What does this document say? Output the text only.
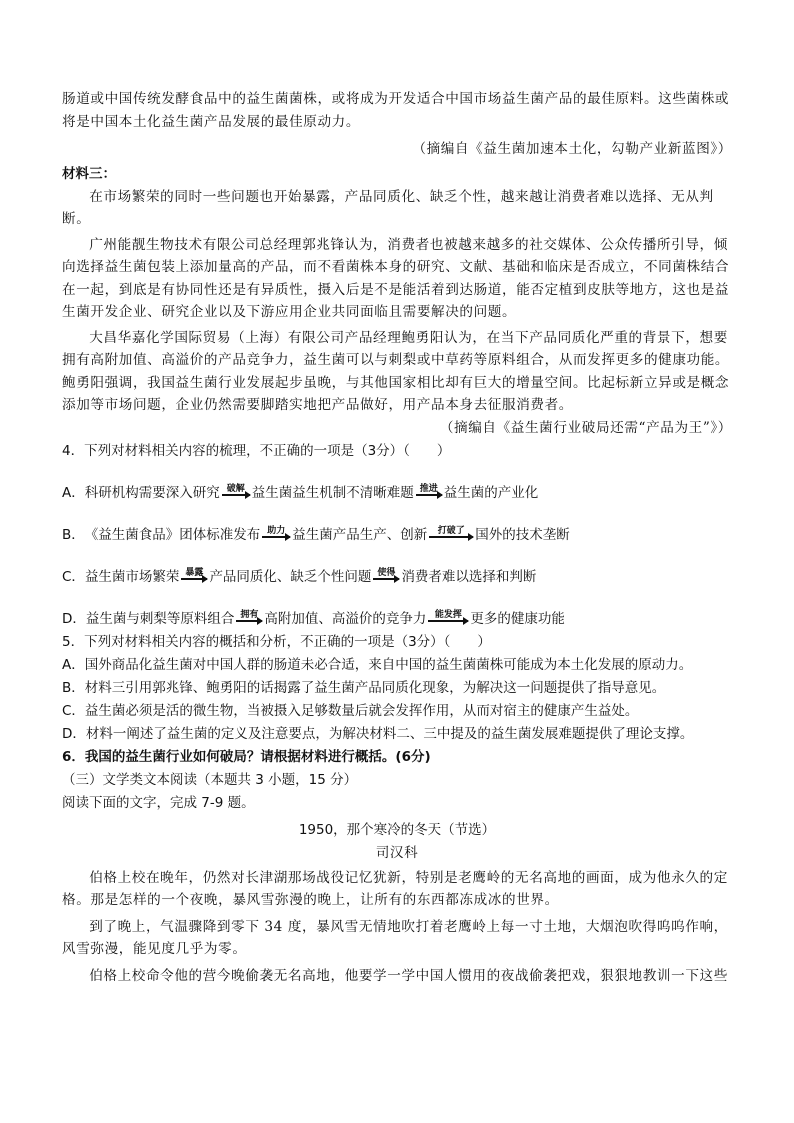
肠道或中国传统发酵食品中的益生菌菌株，或将成为开发适合中国市场益生菌产品的最佳原料。这些菌株或

将是中国本土化益生菌产品发展的最佳原动力。

（摘编自《益生菌加速本土化，勾勒产业新蓝图》）

材料三：

在市场繁荣的同时一些问题也开始暴露，产品同质化、缺乏个性，越来越让消费者难以选择、无从判断。

广州能靓生物技术有限公司总经理郭兆锋认为，消费者也被越来越多的社交媒体、公众传播所引导，倾向选择益生菌包装上添加量高的产品，而不看菌株本身的研究、文献、基础和临床是否成立，不同菌株结合在一起，到底是有协同性还是有异质性，摄入后是不是能活着到达肠道，能否定植到皮肤等地方，这也是益生菌开发企业、研究企业以及下游应用企业共同面临且需要解决的问题。

大昌华嘉化学国际贸易（上海）有限公司产品经理鲍勇阳认为，在当下产品同质化严重的背景下，想要拥有高附加值、高溢价的产品竞争力，益生菌可以与刺梨或中草药等原料组合，从而发挥更多的健康功能。鲍勇阳强调，我国益生菌行业发展起步虽晚，与其他国家相比却有巨大的增量空间。比起标新立异或是概念添加等市场问题，企业仍然需要脚踏实地把产品做好，用产品本身去征服消费者。

（摘编自《益生菌行业破局还需“产品为王”》）

4．下列对材料相关内容的梳理，不正确的一项是（3分）（　　）

A． 科研机构需要深入研究 破解 益生菌益生机制不清晰难题 推进 益生菌的产业化
B． 《益生菌食品》团体标准发布 助力 益生菌产品生产、创新 打破了 国外的技术垄断
C． 益生菌市场繁荣 暴露 产品同质化、缺乏个性问题 使得 消费者难以选择和判断
D． 益生菌与刺梨等原料组合 拥有 高附加值、高溢价的竞争力 能发挥 更多的健康功能

5．下列对材料相关内容的概括和分析，不正确的一项是（3分）（　　）

A．国外商品化益生菌对中国人群的肠道未必合适，来自中国的益生菌菌株可能成为本土化发展的原动力。

B．材料三引用郭兆锋、鲍勇阳的话揭露了益生菌产品同质化现象，为解决这一问题提供了指导意见。

C．益生菌必须是活的微生物，当被摄入足够数量后就会发挥作用，从而对宿主的健康产生益处。

D．材料一阐述了益生菌的定义及注意要点，为解决材料二、三中提及的益生菌发展难题提供了理论支撑。

6．我国的益生菌行业如何破局？请根据材料进行概括。(6分)

（三）文学类文本阅读（本题共 3 小题，15 分）

阅读下面的文字，完成 7-9 题。

1950，那个寒冷的冬天（节选）

司汉科

伯格上校在晚年，仍然对长津湖那场战役记忆犹新，特别是老鹰岭的无名高地的画面，成为他永久的定格。那是怎样的一个夜晚，暴风雪弥漫的晚上，让所有的东西都冻成冰的世界。

到了晚上，气温骤降到零下 34 度，暴风雪无情地吹打着老鹰岭上每一寸土地，大烟泡吹得呜呜作响，风雪弥漫，能见度几乎为零。

伯格上校命令他的营今晚偷袭无名高地，他要学一学中国人惯用的夜战偷袭把戏，狠狠地教训一下这些
